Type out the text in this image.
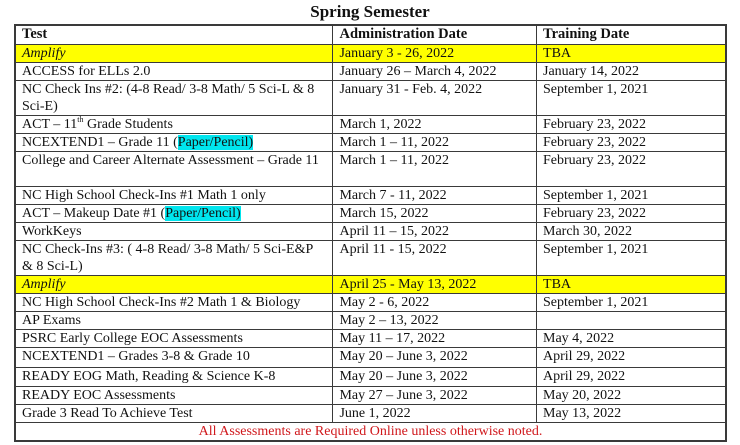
Spring Semester
Test	Administration Date	Training Date
Amplify	January 3 - 26, 2022	TBA
ACCESS for ELLs 2.0	January 26 – March 4, 2022	January 14, 2022
NC Check Ins #2: (4-8 Read/ 3-8 Math/ 5 Sci-L & 8 Sci-E)	January 31 - Feb. 4, 2022	September 1, 2021
ACT – 11th Grade Students	March 1, 2022	February 23, 2022
NCEXTEND1 – Grade 11 (Paper/Pencil)	March 1 – 11, 2022	February 23, 2022
College and Career Alternate Assessment – Grade 11	March 1 – 11, 2022	February 23, 2022
NC High School Check-Ins #1 Math 1 only	March 7 - 11, 2022	September 1, 2021
ACT – Makeup Date #1 (Paper/Pencil)	March 15, 2022	February 23, 2022
WorkKeys	April 11 – 15, 2022	March 30, 2022
NC Check-Ins #3: ( 4-8 Read/ 3-8 Math/ 5 Sci-E&P & 8 Sci-L)	April 11 - 15, 2022	September 1, 2021
Amplify	April 25 - May 13, 2022	TBA
NC High School Check-Ins #2 Math 1 & Biology	May 2 - 6, 2022	September 1, 2021
AP Exams	May 2 – 13, 2022	
PSRC Early College EOC Assessments	May 11 – 17, 2022	May 4, 2022
NCEXTEND1 – Grades 3-8 & Grade 10	May 20 – June 3, 2022	April 29, 2022
READY EOG Math, Reading & Science K-8	May 20 – June 3, 2022	April 29, 2022
READY EOC Assessments	May 27 – June 3, 2022	May 20, 2022
Grade 3 Read To Achieve Test	June 1, 2022	May 13, 2022
All Assessments are Required Online unless otherwise noted.		
